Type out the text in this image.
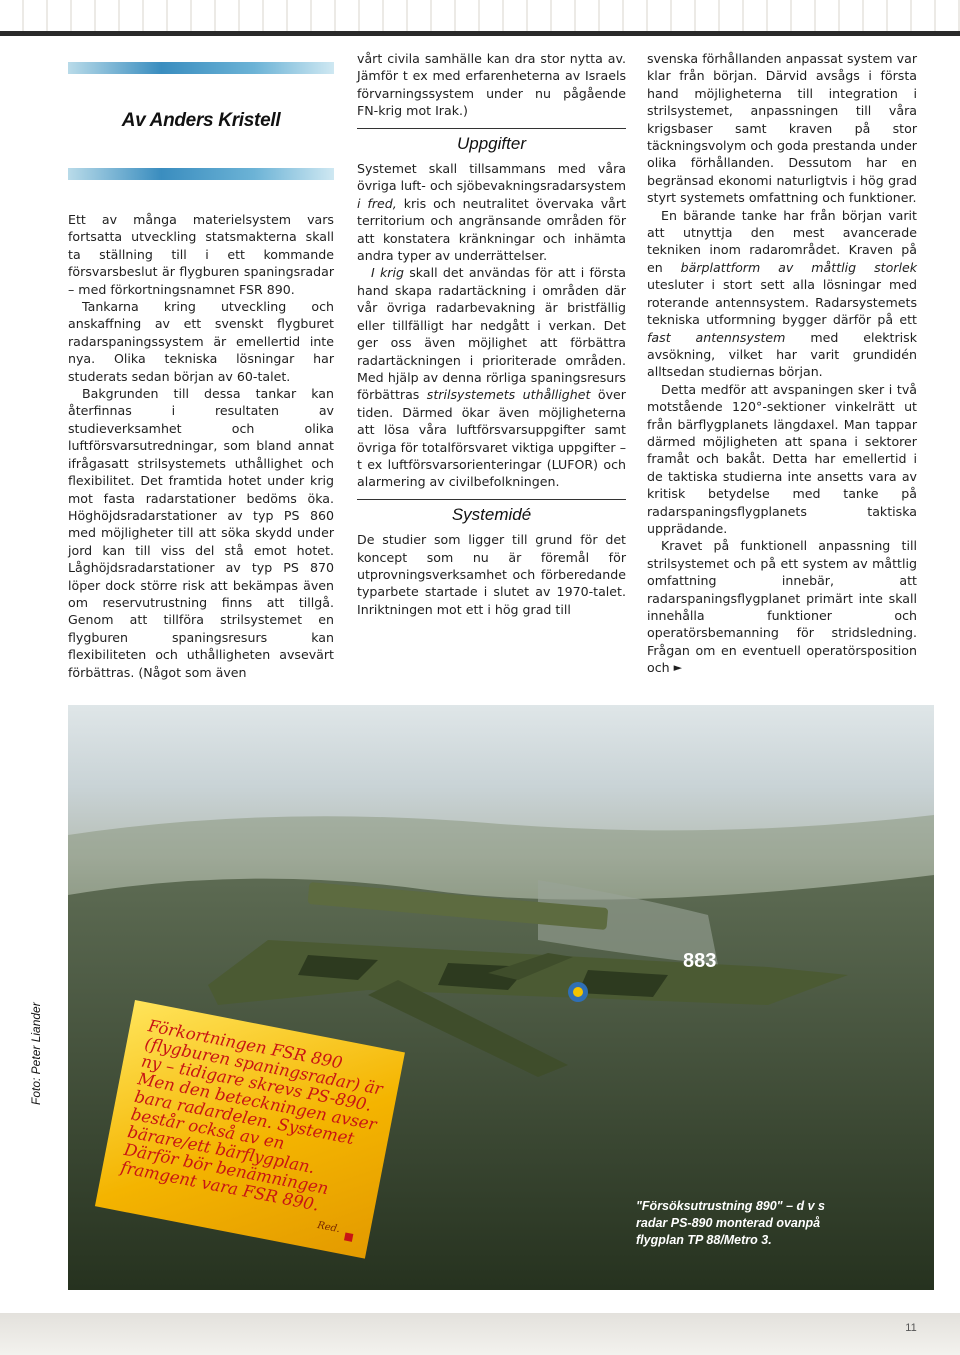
Av Anders Kristell

Ett av många materielsystem vars fortsatta utveckling statsmakterna skall ta ställning till i ett kommande försvarsbeslut är flygburen spaningsradar – med förkortningsnamnet FSR 890.

Tankarna kring utveckling och anskaffning av ett svenskt flygburet radarspaningssystem är emellertid inte nya. Olika tekniska lösningar har studerats sedan början av 60-talet.

Bakgrunden till dessa tankar kan återfinnas i resultaten av studieverksamhet och olika luftförsvarsutredningar, som bland annat ifrågasatt strilsystemets uthållighet och flexibilitet. Det framtida hotet under krig mot fasta radarstationer bedöms öka. Höghöjdsradarstationer av typ PS 860 med möjligheter till att söka skydd under jord kan till viss del stå emot hotet. Låghöjdsradarstationer av typ PS 870 löper dock större risk att bekämpas även om reservutrustning finns att tillgå. Genom att tillföra strilsystemet en flygburen spaningsresurs kan flexibiliteten och uthålligheten avsevärt förbättras. (Något som även

vårt civila samhälle kan dra stor nytta av. Jämför t ex med erfarenheterna av Israels förvarningssystem under nu pågående FN-krig mot Irak.)

Uppgifter

Systemet skall tillsammans med våra övriga luft- och sjöbevakningsradarsystem i fred, kris och neutralitet övervaka vårt territorium och angränsande områden för att konstatera kränkningar och inhämta andra typer av underrättelser.

I krig skall det användas för att i första hand skapa radartäckning i områden där vår övriga radarbevakning är bristfällig eller tillfälligt har nedgått i verkan. Det ger oss även möjlighet att förbättra radartäckningen i prioriterade områden. Med hjälp av denna rörliga spaningsresurs förbättras strilsystemets uthållighet över tiden. Därmed ökar även möjligheterna att lösa våra luftförsvarsuppgifter samt övriga för totalförsvaret viktiga uppgifter – t ex luftförsvarsorienteringar (LUFOR) och alarmering av civilbefolkningen.

Systemidé

De studier som ligger till grund för det koncept som nu är föremål för utprovningsverksamhet och förberedande typarbete startade i slutet av 1970-talet. Inriktningen mot ett i hög grad till

svenska förhållanden anpassat system var klar från början. Därvid avsågs i första hand möjligheterna till integration i strilsystemet, anpassningen till våra krigsbaser samt kraven på stor täckningsvolym och goda prestanda under olika förhållanden. Dessutom har en begränsad ekonomi naturligtvis i hög grad styrt systemets omfattning och funktioner.

En bärande tanke har från början varit att utnyttja den mest avancerade tekniken inom radarområdet. Kraven på en bärplattform av måttlig storlek utesluter i stort sett alla lösningar med roterande antennsystem. Radarsystemets tekniska utformning bygger därför på ett fast antennsystem med elektrisk avsökning, vilket har varit grundidén alltsedan studiernas början.

Detta medför att avspaningen sker i två motstående 120°-sektioner vinkelrätt ut från bärflygplanets längdaxel. Man tappar därmed möjligheten att spana i sektorer framåt och bakåt. Detta har emellertid i de taktiska studierna inte ansetts vara av kritisk betydelse med tanke på radarspaningsflygplanets taktiska upprädande.

Kravet på funktionell anpassning till strilsystemet och på ett system av måttlig omfattning innebär, att radarspaningsflygplanet primärt inte skall innehålla funktioner och operatörsbemanning för stridsledning. Frågan om en eventuell operatörsposition och ►

883
Förkortningen FSR 890 (flygburen spaningsradar) är ny – tidigare skrevs PS-890. Men den beteckningen avser bara radardelen. Systemet består också av en bärare/ett bärflygplan. Därför bör benämningen framgent vara FSR 890.
Red.
"Försöksutrustning 890" – d v s radar PS-890 monterad ovanpå flygplan TP 88/Metro 3.
Foto: Peter Liander
11
